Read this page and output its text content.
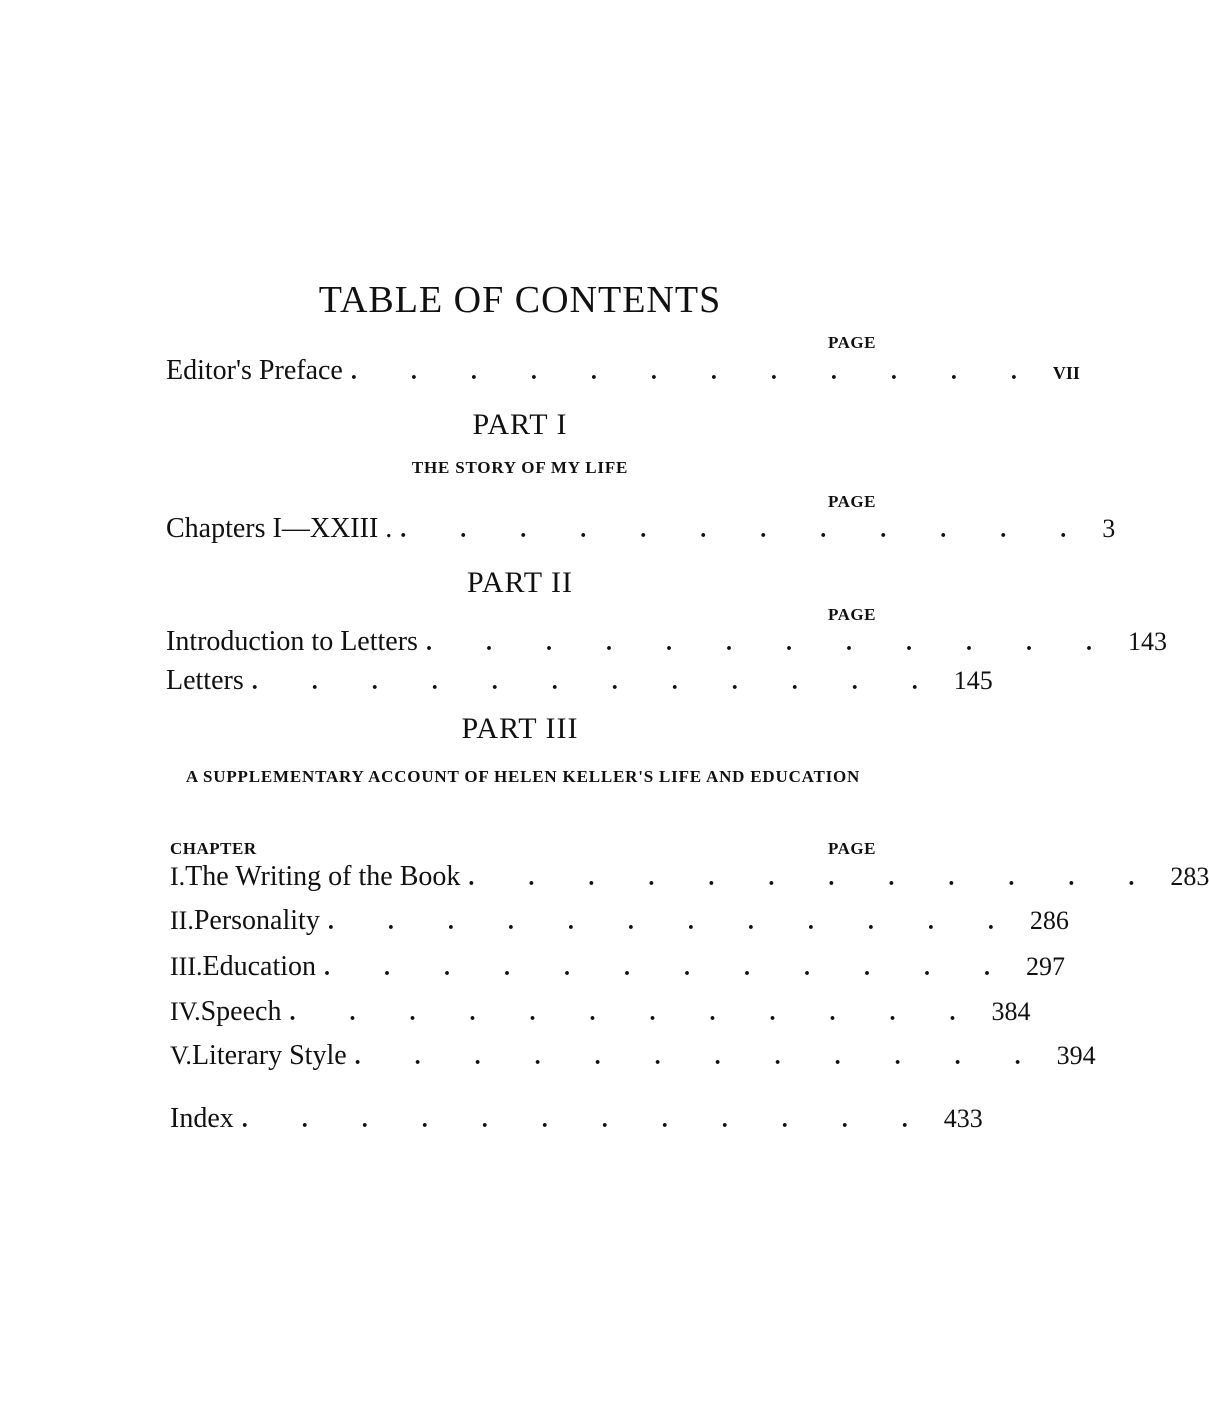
TABLE OF CONTENTS
PAGE
Editor's Preface . . . . . . . . . . . . VII
PART I
THE STORY OF MY LIFE
PAGE
Chapters I—XXIII . . . . . . . . . . . . . 3
PART II
PAGE
Introduction to Letters . . . . . . . . . . . . 143
Letters . . . . . . . . . . . . 145
PART III
A SUPPLEMENTARY ACCOUNT OF HELEN KELLER'S LIFE AND EDUCATION
CHAPTER	PAGE
I. The Writing of the Book . . . . . . . . . . . . 283
II. Personality . . . . . . . . . . . . 286
III. Education . . . . . . . . . . . . 297
IV. Speech . . . . . . . . . . . . 384
V. Literary Style . . . . . . . . . . . . 394
Index . . . . . . . . . . . . 433
